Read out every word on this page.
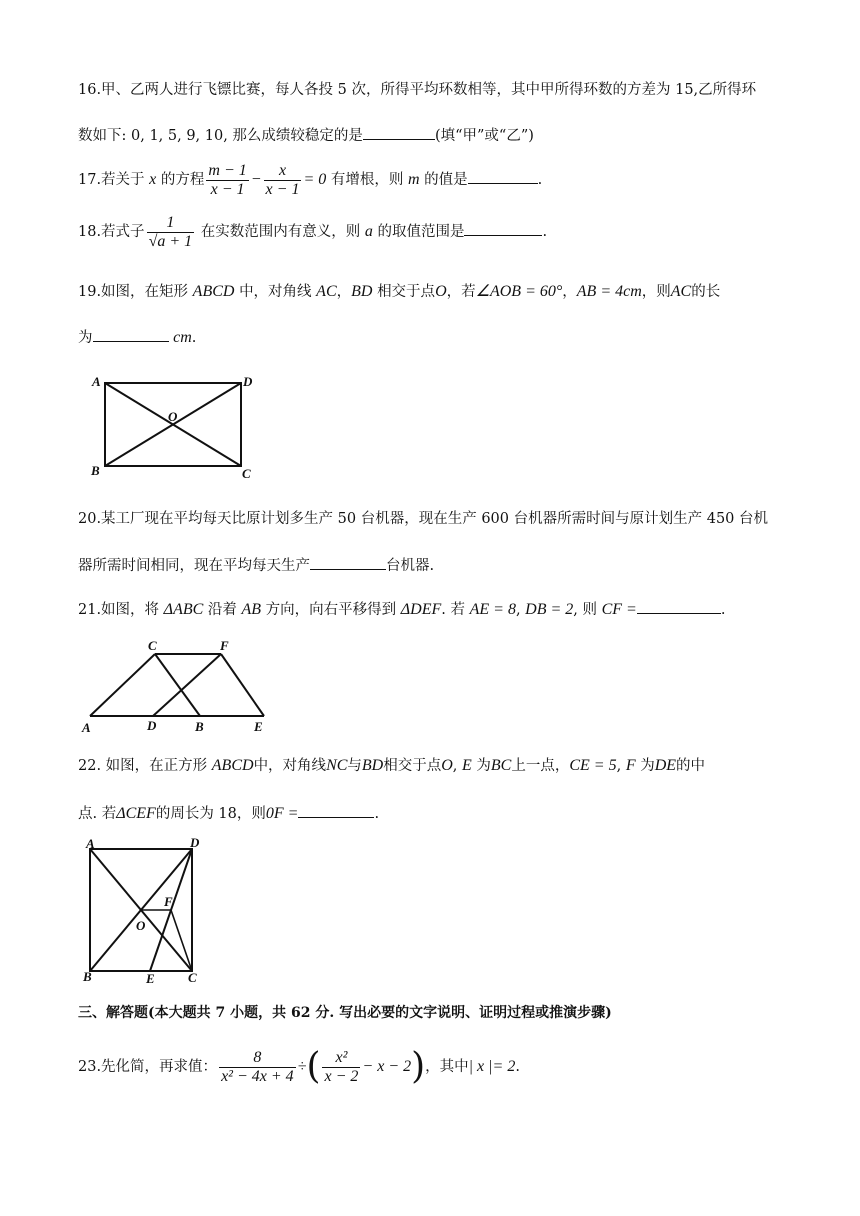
16.甲、乙两人进行飞镖比赛，每人各投 5 次，所得平均环数相等，其中甲所得环数的方差为 15,乙所得环
数如下: 0, 1, 5, 9, 10, 那么成绩较稳定的是	(填“甲”或“乙”)
17.若关于 x 的方程 $\frac{m - 1}{x - 1} - \frac{x}{x - 1} = 0$ 有增根，则 m 的值是	.
18.若式子 $\frac{1}{√a + 1}$ 在实数范围内有意义，则 a 的取值范围是	.
19.如图，在矩形 ABCD 中，对角线 AC，BD 相交于点O，若∠AOB = 60°，AB = 4cm，则AC的长
为	cm.
A	D
B	C
O
20.某工厂现在平均每天比原计划多生产 50 台机器，现在生产 600 台机器所需时间与原计划生产 450 台机
器所需时间相同，现在平均每天生产	台机器.
21.如图，将 ΔABC 沿着 AB 方向，向右平移得到 ΔDEF. 若 AE = 8, DB = 2, 则 CF =	.
A
C	F
D	B	E
22. 如图，在正方形 ABCD中，对角线NC与BD相交于点O, E 为BC上一点，CE = 5, F 为DE的中
点. 若ΔCEF的周长为 18，则0F =	.
A	D
B	C
E
F
O
三、解答题(本大题共 7 小题，共 62 分. 写出必要的文字说明、证明过程或推演步骤)
23.先化简，再求值： $\frac{8}{\text{x² − 4x + 4}}$ ÷( $\frac{\text{x²}}{x - 2} - x - 2$)，其中| x |= 2.
